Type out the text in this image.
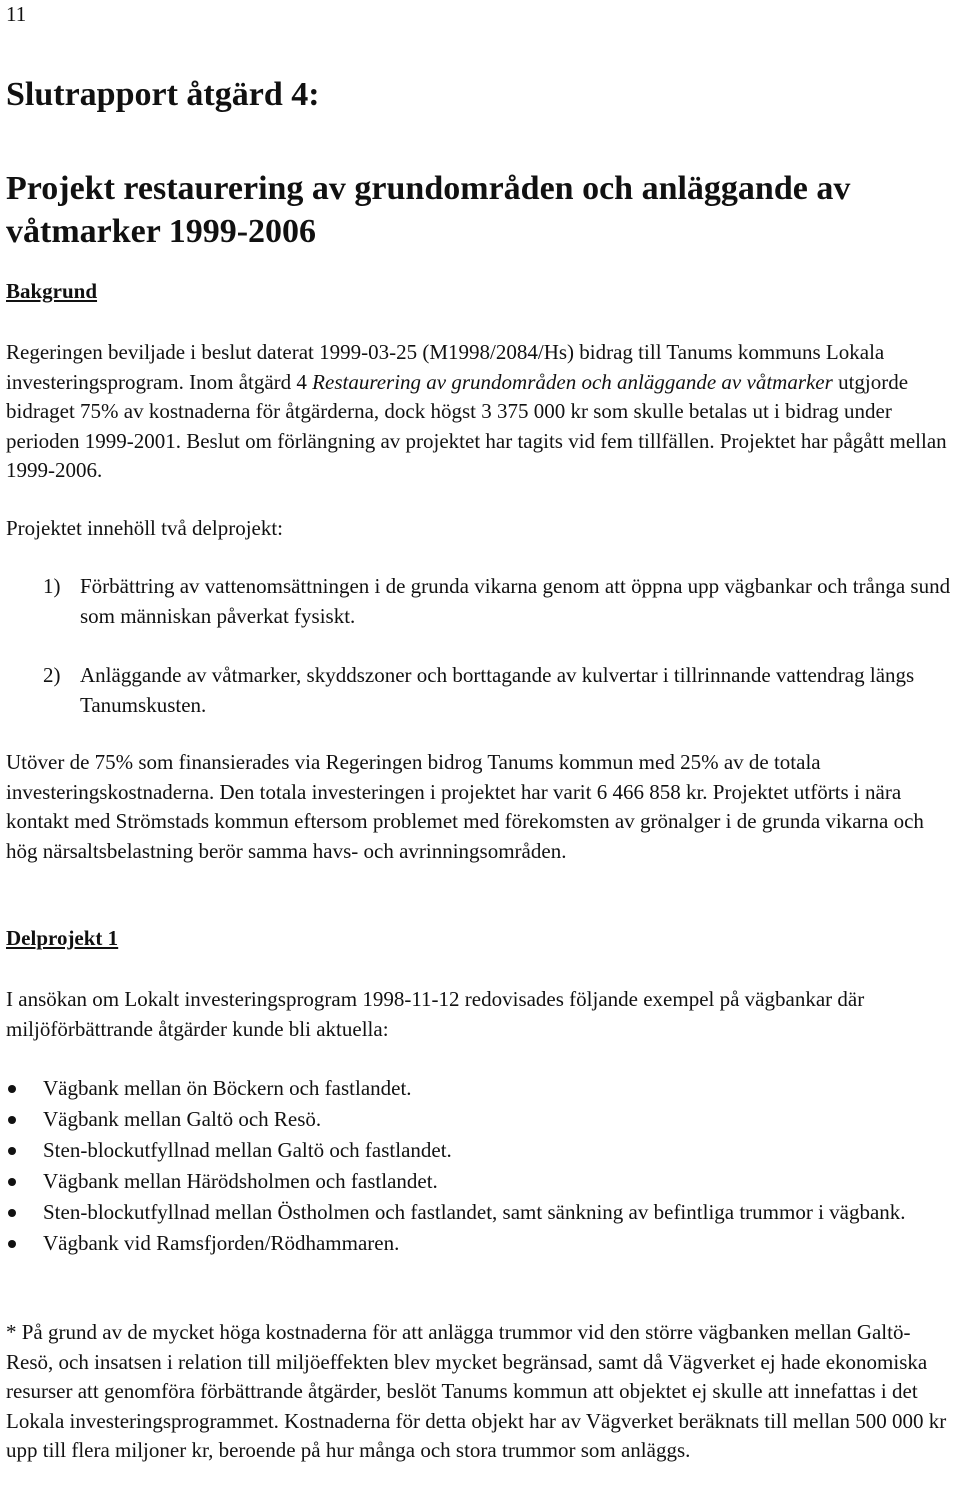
11
Slutrapport åtgärd 4:
Projekt restaurering av grundområden och anläggande av våtmarker 1999-2006
Bakgrund

Regeringen beviljade i beslut daterat 1999-03-25 (M1998/2084/Hs) bidrag till Tanums kommuns Lokala investeringsprogram. Inom åtgärd 4 Restaurering av grundområden och anläggande av våtmarker utgjorde bidraget 75% av kostnaderna för åtgärderna, dock högst 3 375 000 kr som skulle betalas ut i bidrag under perioden 1999-2001. Beslut om förlängning av projektet har tagits vid fem tillfällen. Projektet har pågått mellan 1999-2006.

Projektet innehöll två delprojekt:

1) Förbättring av vattenomsättningen i de grunda vikarna genom att öppna upp vägbankar och trånga sund som människan påverkat fysiskt.
2) Anläggande av våtmarker, skyddszoner och borttagande av kulvertar i tillrinnande vattendrag längs Tanumskusten.

Utöver de 75% som finansierades via Regeringen bidrog Tanums kommun med 25% av de totala investeringskostnaderna. Den totala investeringen i projektet har varit 6 466 858 kr. Projektet utförts i nära kontakt med Strömstads kommun eftersom problemet med förekomsten av grönalger i de grunda vikarna och hög närsaltsbelastning berör samma havs- och avrinningsområden.

Delprojekt 1

I ansökan om Lokalt investeringsprogram 1998-11-12 redovisades följande exempel på vägbankar där miljöförbättrande åtgärder kunde bli aktuella:

Vägbank mellan ön Böckern och fastlandet.
Vägbank mellan Galtö och Resö.
Sten-blockutfyllnad mellan Galtö och fastlandet.
Vägbank mellan Härödsholmen och fastlandet.
Sten-blockutfyllnad mellan Östholmen och fastlandet, samt sänkning av befintliga trummor i vägbank.
Vägbank vid Ramsfjorden/Rödhammaren.

* På grund av de mycket höga kostnaderna för att anlägga trummor vid den större vägbanken mellan Galtö-Resö, och insatsen i relation till miljöeffekten blev mycket begränsad, samt då Vägverket ej hade ekonomiska resurser att genomföra förbättrande åtgärder, beslöt Tanums kommun att objektet ej skulle att innefattas i det Lokala investeringsprogrammet. Kostnaderna för detta objekt har av Vägverket beräknats till mellan 500 000 kr upp till flera miljoner kr, beroende på hur många och stora trummor som anläggs.
